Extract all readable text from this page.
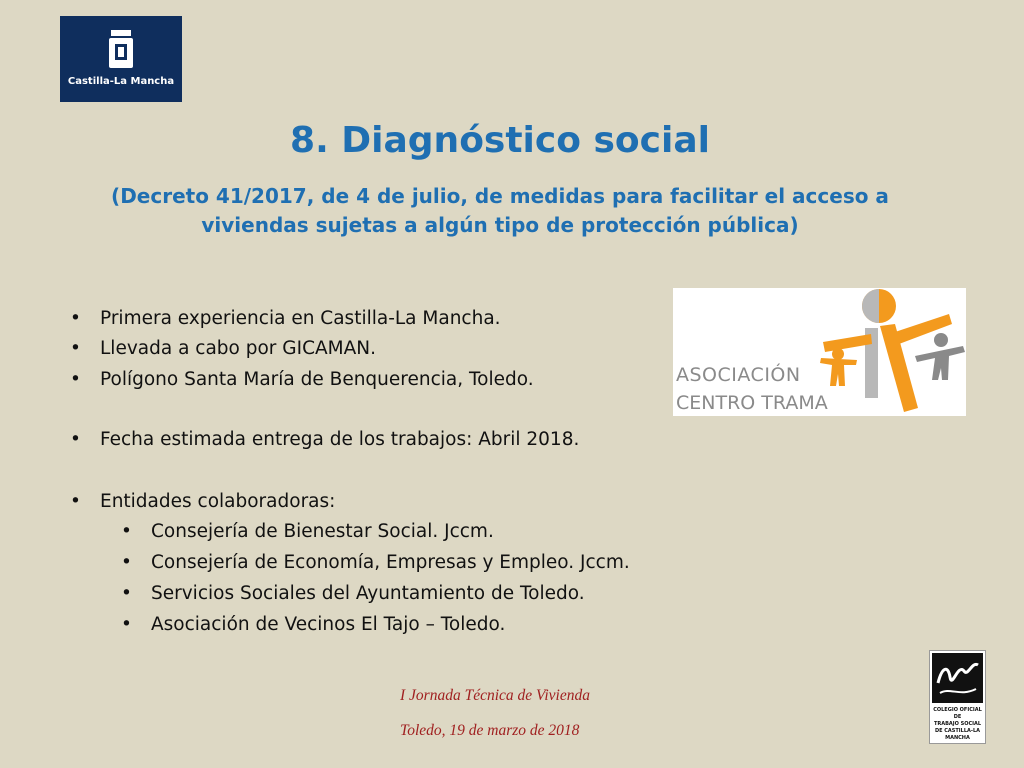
Castilla-La Mancha
8. Diagnóstico social

(Decreto 41/2017, de 4 de julio, de medidas para facilitar el acceso a viviendas sujetas a algún tipo de protección pública)

• Primera experiencia en Castilla-La Mancha.
• Llevada a cabo por GICAMAN.
• Polígono Santa María de Benquerencia, Toledo.
• Fecha estimada entrega de los trabajos: Abril 2018.
• Entidades colaboradoras:
• Consejería de Bienestar Social. Jccm.
• Consejería de Economía, Empresas y Empleo. Jccm.
• Servicios Sociales del Ayuntamiento de Toledo.
• Asociación de Vecinos El Tajo – Toledo.
ASOCIACIÓN
CENTRO TRAMA
I Jornada Técnica de Vivienda
Toledo, 19 de marzo de 2018
COLEGIO OFICIAL DE
TRABAJO SOCIAL
DE CASTILLA-LA MANCHA
